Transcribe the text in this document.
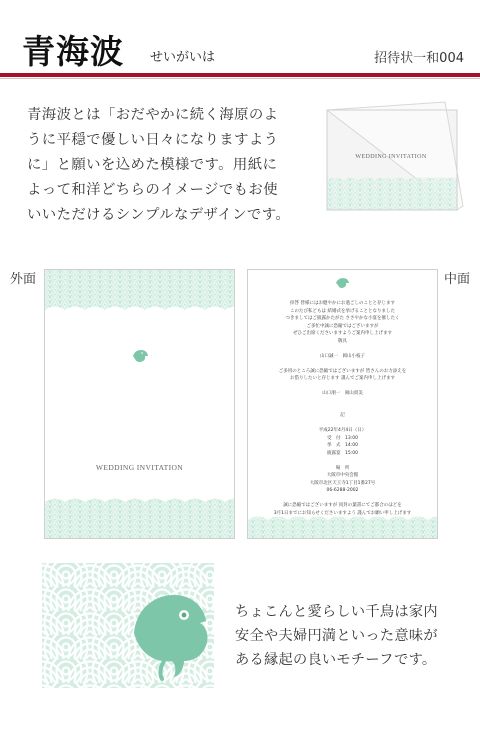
青海波 せいがいは	招待状一和004
青海波とは「おだやかに続く海原のよ
うに平穏で優しい日々になりますよう
に」と願いを込めた模様です。用紙に
よって和洋どちらのイメージでもお使
いいただけるシンプルなデザインです。
WEDDING INVITATION
外面	中面
WEDDING INVITATION
拝啓 皆様にはお健やかにお過ごしのことと存じます
このたび私どもは 結婚式を挙げることとなりました
つきましてはご披露かたがた ささやかな小宴を催したく
ご多忙中誠に恐縮ではございますが
ぜひご出席くださいますようご案内申し上げます
敬具

山口誠一　岡山小枝子

ご多用のところ誠に恐縮ではございますが 皆さんのお力添えを
お借りしたいと存じます 謹んでご案内申し上げます

山口朋一　岡山貴美
記

平成22年4月4日（日）
受　付　13:00
挙　式　14:00
披露宴　15:00

場　所
大阪市中央会館
大阪市北区天王寺1丁目1番27号
06-6288-2002

誠に恐縮ではございますが 同封の葉書にてご都合のほどを
3月1日までにお知らせくださいますよう 謹んでお願い申し上げます
ちょこんと愛らしい千鳥は家内
安全や夫婦円満といった意味が
ある縁起の良いモチーフです。
